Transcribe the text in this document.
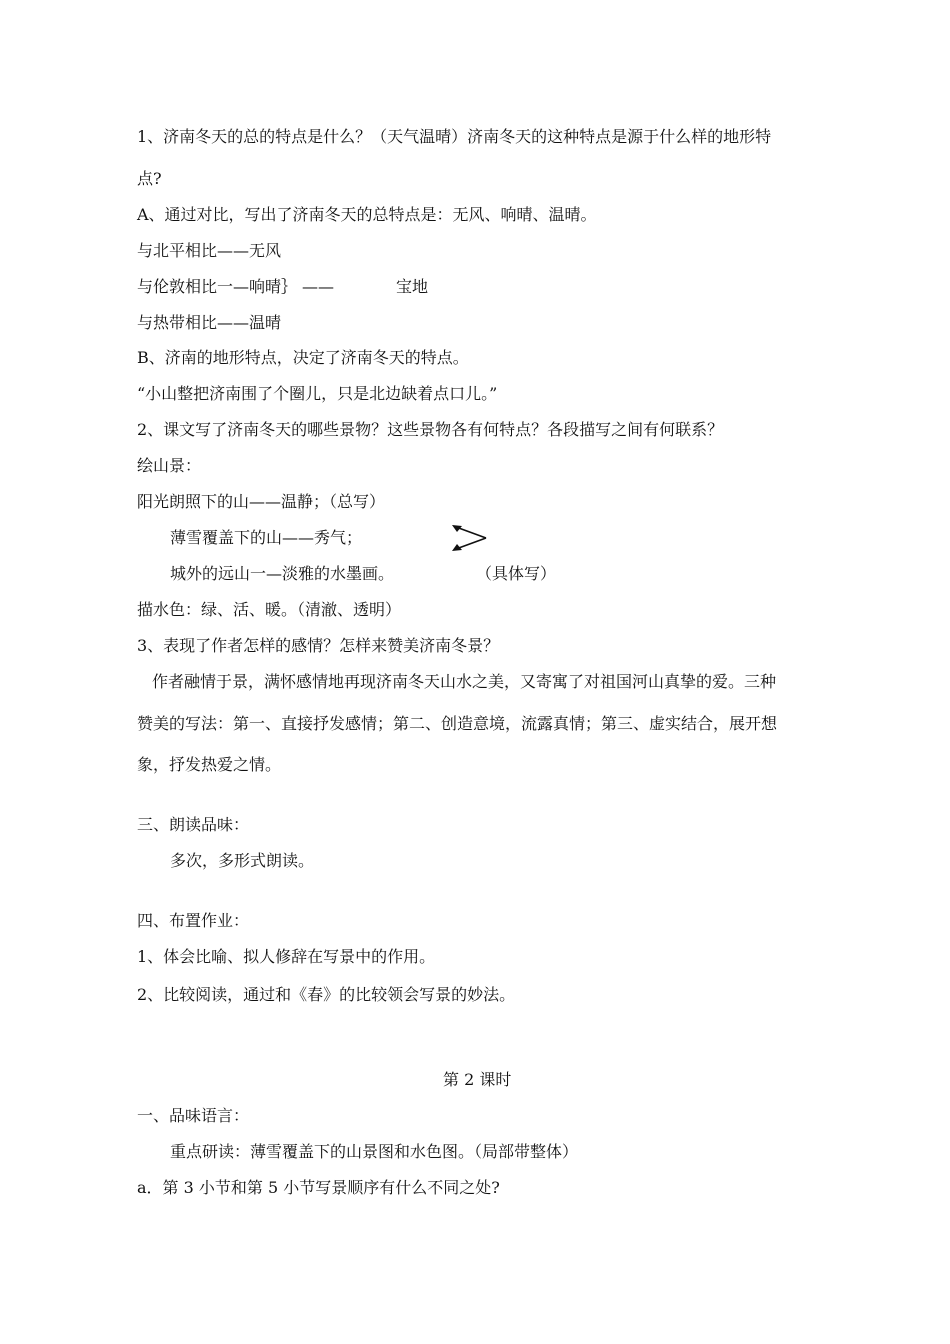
1、济南冬天的总的特点是什么？（天气温晴）济南冬天的这种特点是源于什么样的地形特
点?
A、通过对比，写出了济南冬天的总特点是：无风、响晴、温晴。
与北平相比——无风
与伦敦相比一—响晴｝ ——	宝地
与热带相比——温晴
B、济南的地形特点，决定了济南冬天的特点。
“小山整把济南围了个圈儿，只是北边缺着点口儿。”
2、课文写了济南冬天的哪些景物？这些景物各有何特点？各段描写之间有何联系？
绘山景：
阳光朗照下的山——温静；（总写）
薄雪覆盖下的山——秀气；
城外的远山一—淡雅的水墨画。	（具体写）
描水色：绿、活、暖。（清澈、透明）
3、表现了作者怎样的感情？怎样来赞美济南冬景？
作者融情于景，满怀感情地再现济南冬天山水之美，又寄寓了对祖国河山真挚的爱。三种
赞美的写法：第一、直接抒发感情；第二、创造意境，流露真情；第三、虚实结合，展开想
象，抒发热爱之情。
三、朗读品味：
多次，多形式朗读。
四、布置作业：
1、体会比喻、拟人修辞在写景中的作用。
2、比较阅读，通过和《春》的比较领会写景的妙法。
第 2 课时
一、品味语言：
重点研读：薄雪覆盖下的山景图和水色图。（局部带整体）
a．第 3 小节和第 5 小节写景顺序有什么不同之处?
